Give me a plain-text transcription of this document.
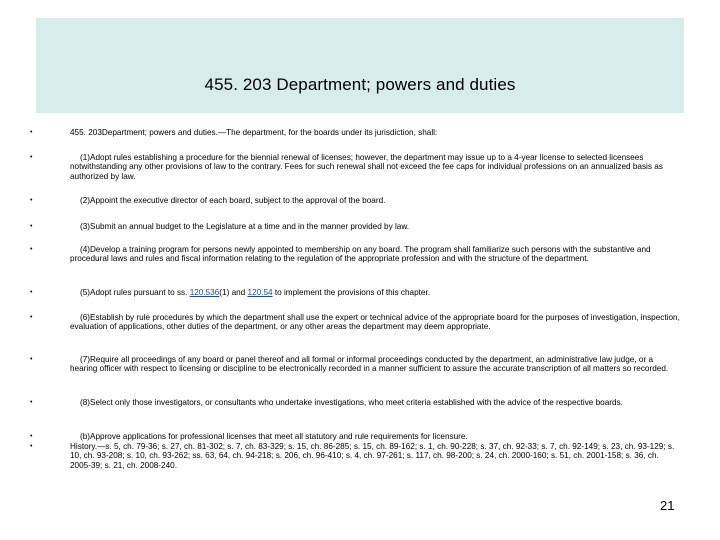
455. 203 Department; powers and duties
•	455. 203Department; powers and duties.—The department, for the boards under its jurisdiction, shall:
•	(1)Adopt rules establishing a procedure for the biennial renewal of licenses; however, the department may issue up to a 4-year license to selected licensees notwithstanding any other provisions of law to the contrary. Fees for such renewal shall not exceed the fee caps for individual professions on an annualized basis as authorized by law.
•	(2)Appoint the executive director of each board, subject to the approval of the board.
•	(3)Submit an annual budget to the Legislature at a time and in the manner provided by law.
•	(4)Develop a training program for persons newly appointed to membership on any board. The program shall familiarize such persons with the substantive and procedural laws and rules and fiscal information relating to the regulation of the appropriate profession and with the structure of the department.
•	(5)Adopt rules pursuant to ss. 120.536(1) and 120.54 to implement the provisions of this chapter.
•	(6)Establish by rule procedures by which the department shall use the expert or technical advice of the appropriate board for the purposes of investigation, inspection, evaluation of applications, other duties of the department, or any other areas the department may deem appropriate.
•	(7)Require all proceedings of any board or panel thereof and all formal or informal proceedings conducted by the department, an administrative law judge, or a hearing officer with respect to licensing or discipline to be electronically recorded in a manner sufficient to assure the accurate transcription of all matters so recorded.
•	(8)Select only those investigators, or consultants who undertake investigations, who meet criteria established with the advice of the respective boards.
•	(b)Approve applications for professional licenses that meet all statutory and rule requirements for licensure.
•	History.—s. 5, ch. 79-36; s. 27, ch. 81-302; s. 7, ch. 83-329; s. 15, ch. 86-285; s. 15, ch. 89-162; s. 1, ch. 90-228; s. 37, ch. 92-33; s. 7, ch. 92-149; s. 23, ch. 93-129; s. 10, ch. 93-208; s. 10, ch. 93-262; ss. 63, 64, ch. 94-218; s. 206, ch. 96-410; s. 4, ch. 97-261; s. 117, ch. 98-200; s. 24, ch. 2000-160; s. 51, ch. 2001-158; s. 36, ch. 2005-39; s. 21, ch. 2008-240.
21
